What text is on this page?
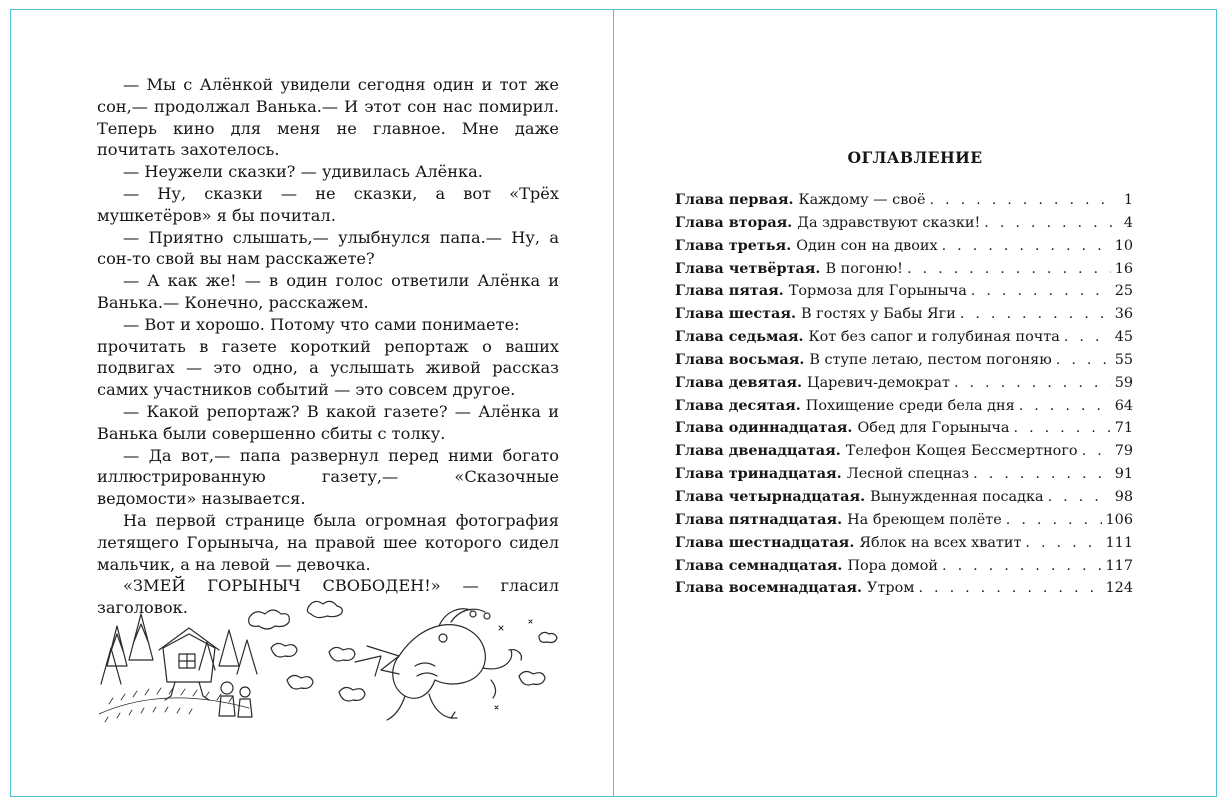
— Мы с Алёнкой увидели сегодня один и тот же сон,— продолжал Ванька.— И этот сон нас помирил. Теперь кино для меня не главное. Мне даже почитать захотелось.

— Неужели сказки? — удивилась Алёнка.

— Ну, сказки — не сказки, а вот «Трёх мушкетёров» я бы почитал.

— Приятно слышать,— улыбнулся папа.— Ну, а сон-то свой вы нам расскажете?

— А как же! — в один голос ответили Алёнка и Ванька.— Конечно, расскажем.

— Вот и хорошо. Потому что сами понимаете:

прочитать в газете короткий репортаж о ваших подвигах — это одно, а услышать живой рассказ самих участников событий — это совсем другое.

— Какой репортаж? В какой газете? — Алёнка и Ванька были совершенно сбиты с толку.

— Да вот,— папа развернул перед ними богато иллюстрированную газету,— «Сказочные ведомости» называется.

На первой странице была огромная фотография летящего Горыныча, на правой шее которого сидел мальчик, а на левой — девочка.

«ЗМЕЙ ГОРЫНЫЧ СВОБОДЕН!» — гласил заголовок.

ОГЛАВЛЕНИЕ
Глава первая. Каждому — своё . . .	1
Глава вторая. Да здравствуют сказки! . . .	4
Глава третья. Один сон на двоих . . .	10
Глава четвёртая. В погоню! . . .	16
Глава пятая. Тормоза для Горыныча . . .	25
Глава шестая. В гостях у Бабы Яги . . .	36
Глава седьмая. Кот без сапог и голубиная почта . . .	45
Глава восьмая. В ступе летаю, пестом погоняю . . .	55
Глава девятая. Царевич-демократ . . .	59
Глава десятая. Похищение среди бела дня . . .	64
Глава одиннадцатая. Обед для Горыныча . . .	71
Глава двенадцатая. Телефон Кощея Бессмертного . . .	79
Глава тринадцатая. Лесной спецназ . . .	91
Глава четырнадцатая. Вынужденная посадка . . .	98
Глава пятнадцатая. На бреющем полёте . . .	106
Глава шестнадцатая. Яблок на всех хватит . . .	111
Глава семнадцатая. Пора домой . . .	117
Глава восемнадцатая. Утром . . .	124
